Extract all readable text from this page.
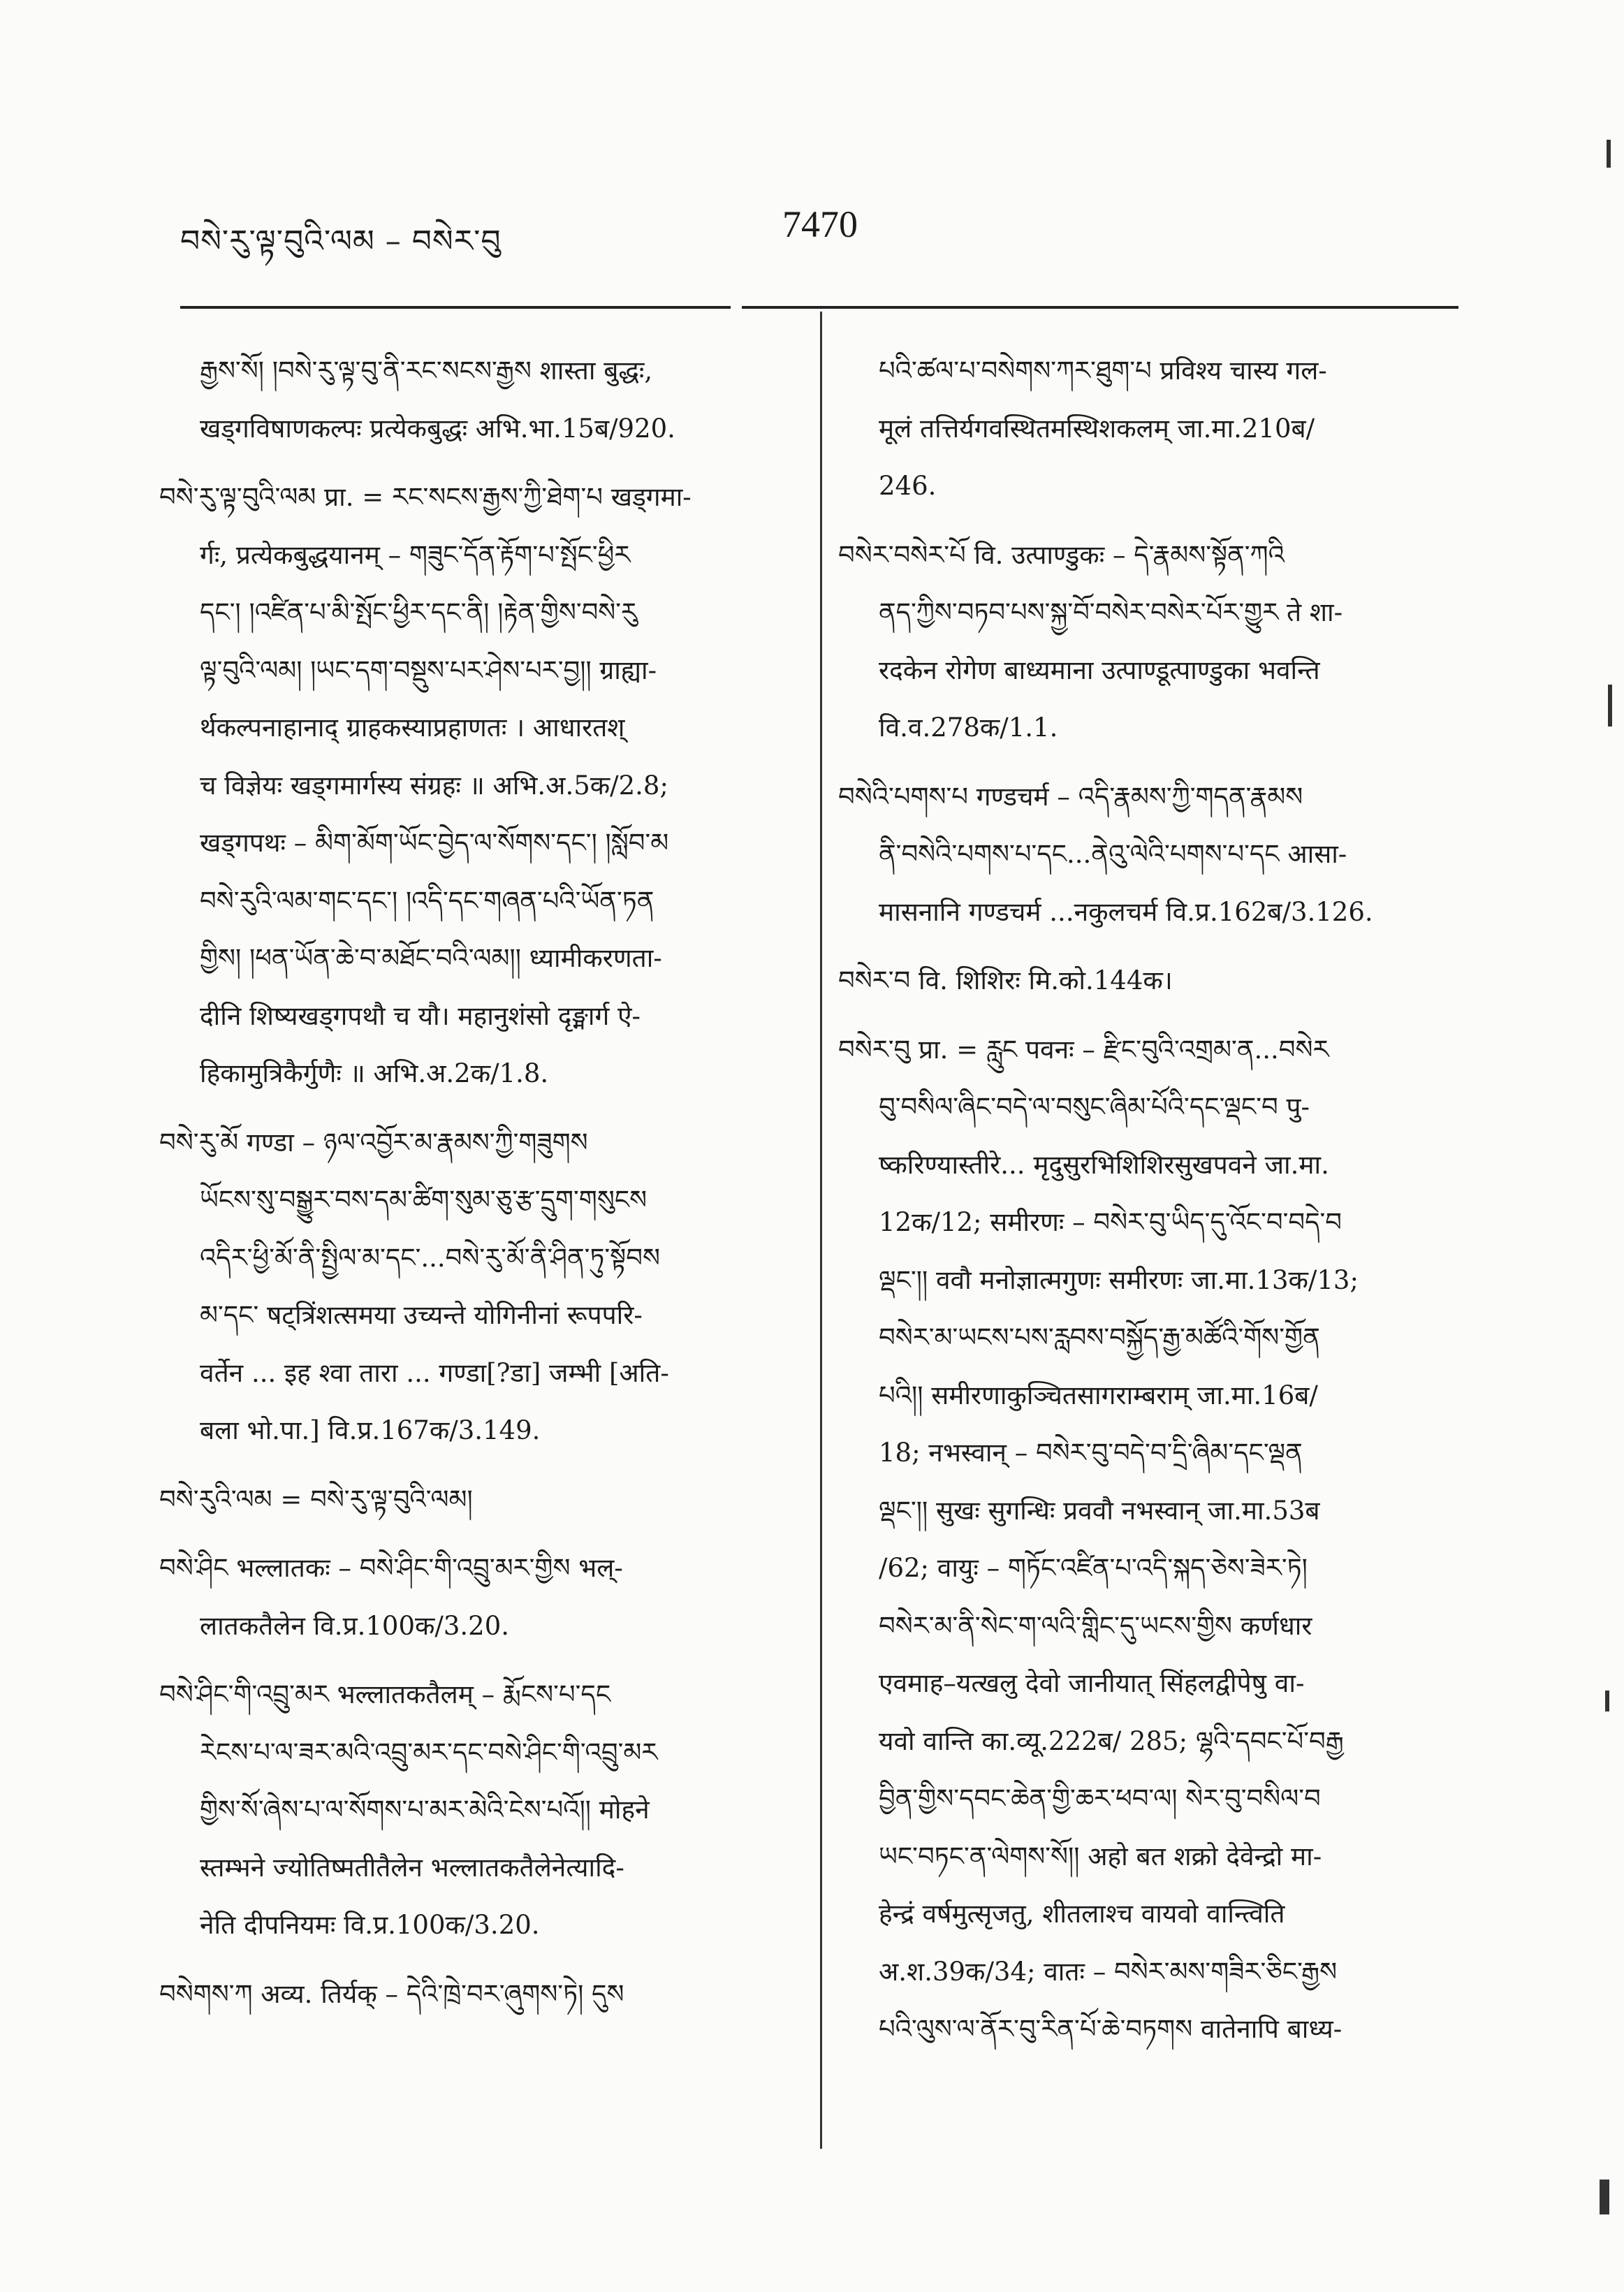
བསེ་རུ་ལྟ་བུའི་ལམ – བསེར་བུ	7470
རྒྱས་སོ། །བསེ་རུ་ལྟ་བུ་ནི་རང་སངས་རྒྱས शास्ता बुद्धः,
खड्गविषाणकल्पः प्रत्येकबुद्धः अभि.भा.15ब/920.
བསེ་རུ་ལྟ་བུའི་ལམ प्रा. = རང་སངས་རྒྱས་ཀྱི་ཐེག་པ खड्गमा-
र्गः, प्रत्येकबुद्धयानम् – གཟུང་དོན་རྟོག་པ་སྤོང་ཕྱིར
དང་། །འཛིན་པ་མི་སྤོང་ཕྱིར་དང་ནི། །རྟེན་གྱིས་བསེ་རུ
ལྟ་བུའི་ལམ། །ཡང་དག་བསྡུས་པར་ཤེས་པར་བྱ།། ग्राह्या-
र्थकल्पनाहानाद् ग्राहकस्याप्रहाणतः । आधारतश्
च विज्ञेयः खड्गमार्गस्य संग्रहः ॥ अभि.अ.5क/2.8;
खड्गपथः – མིག་མོག་ཡོང་བྱེད་ལ་སོགས་དང་། །སློབ་མ
བསེ་རུའི་ལམ་གང་དང་། །འདི་དང་གཞན་པའི་ཡོན་ཏན
གྱིས། །ཕན་ཡོན་ཆེ་བ་མཐོང་བའི་ལམ།། ध्यामीकरणता-
दीनि शिष्यखड्गपथौ च यौ। महानुशंसो दृङ्मार्ग ऐ-
हिकामुत्रिकैर्गुणैः ॥ अभि.अ.2क/1.8.
བསེ་རུ་མོ गण्डा – ཉལ་འབྱོར་མ་རྣམས་ཀྱི་གཟུགས
ཡོངས་སུ་བསྒྱུར་བས་དམ་ཚིག་སུམ་ཅུ་རྩ་དྲུག་གསུངས
འདིར་ཕྱི་མོ་ནི་སྤྱིལ་མ་དང་...བསེ་རུ་མོ་ནི་ཤིན་ཏུ་སྟོབས
མ་དང་ षट्त्रिंशत्समया उच्यन्ते योगिनीनां रूपपरि-
वर्तेन ... इह श्वा तारा ... गण्डा[?डा] जम्भी [अति-
बला भो.पा.] वि.प्र.167क/3.149.
བསེ་རུའི་ལམ = བསེ་རུ་ལྟ་བུའི་ལམ།
བསེ་ཤིང भल्लातकः – བསེ་ཤིང་གི་འབྲུ་མར་གྱིས भल्-
लातकतैलेन वि.प्र.100क/3.20.
བསེ་ཤིང་གི་འབྲུ་མར भल्लातकतैलम् – རྨོངས་པ་དང
རེངས་པ་ལ་ཟར་མའི་འབྲུ་མར་དང་བསེ་ཤིང་གི་འབྲུ་མར
གྱིས་སོ་ཞེས་པ་ལ་སོགས་པ་མར་མེའི་ངེས་པའོ།། मोहने
स्तम्भने ज्योतिष्मतीतैलेन भल्लातकतैलेनेत्यादि-
नेति दीपनियमः वि.प्र.100क/3.20.
བསེགས་ཀ अव्य. तिर्यक् – དེའི་ཁྲེ་བར་ཞུགས་ཏེ། དུས
པའི་ཚལ་པ་བསེགས་ཀར་ཐུག་པ प्रविश्य चास्य गल-
मूलं तत्तिर्यगवस्थितमस्थिशकलम् जा.मा.210ब/
246.
བསེར་བསེར་པོ वि. उत्पाण्डुकः – དེ་རྣམས་སྟོན་ཀའི
ནད་ཀྱིས་བཏབ་པས་སྐྱ་བོ་བསེར་བསེར་པོར་གྱུར ते शा-
रदकेन रोगेण बाध्यमाना उत्पाण्डूत्पाण्डुका भवन्ति
वि.व.278क/1.1.
བསེའི་པགས་པ गण्डचर्म – འདི་རྣམས་ཀྱི་གདན་རྣམས
ནི་བསེའི་པགས་པ་དང...ནེའུ་ལེའི་པགས་པ་དང आसा-
मासनानि गण्डचर्म ...नकुलचर्म वि.प्र.162ब/3.126.
བསེར་བ वि. शिशिरः मि.को.144क।
བསེར་བུ प्रा. = རླུང पवनः – རྫིང་བུའི་འགྲམ་ན...བསེར
བུ་བསིལ་ཞིང་བདེ་ལ་བསུང་ཞིམ་པོའི་དང་ལྡང་བ पु-
ष्करिण्यास्तीरे... मृदुसुरभिशिशिरसुखपवने जा.मा.
12क/12; समीरणः – བསེར་བུ་ཡིད་དུ་འོང་བ་བདེ་བ
ལྡང་།། ववौ मनोज्ञात्मगुणः समीरणः जा.मा.13क/13;
བསེར་མ་ཡངས་པས་རླབས་བསྐྱོད་རྒྱ་མཚོའི་གོས་གྱོན
པའི།། समीरणाकुञ्चितसागराम्बराम् जा.मा.16ब/
18; नभस्वान् – བསེར་བུ་བདེ་བ་དྲི་ཞིམ་དང་ལྡན
ལྡང་།། सुखः सुगन्धिः प्रववौ नभस्वान् जा.मा.53ब
/62; वायुः – གཏོང་འཛིན་པ་འདི་སྐད་ཅེས་ཟེར་ཏེ།
བསེར་མ་ནི་སེང་ག་ལའི་གླིང་དུ་ཡངས་གྱིས कर्णधार
एवमाह–यत्खलु देवो जानीयात् सिंहलद्वीपेषु वा-
यवो वान्ति का.व्यू.222ब/ 285; ལྷའི་དབང་པོ་བརྒྱ
བྱིན་གྱིས་དབང་ཆེན་གྱི་ཆར་ཕབ་ལ། སེར་བུ་བསིལ་བ
ཡང་བཏང་ན་ལེགས་སོ།། अहो बत शक्रो देवेन्द्रो मा-
हेन्द्रं वर्षमुत्सृजतु, शीतलाश्च वायवो वान्त्विति
अ.श.39क/34; वातः – བསེར་མས་གཟིར་ཅིང་རྒྱས
པའི་ལུས་ལ་ནོར་བུ་རིན་པོ་ཆེ་བཏགས वातेनापि बाध्य-
